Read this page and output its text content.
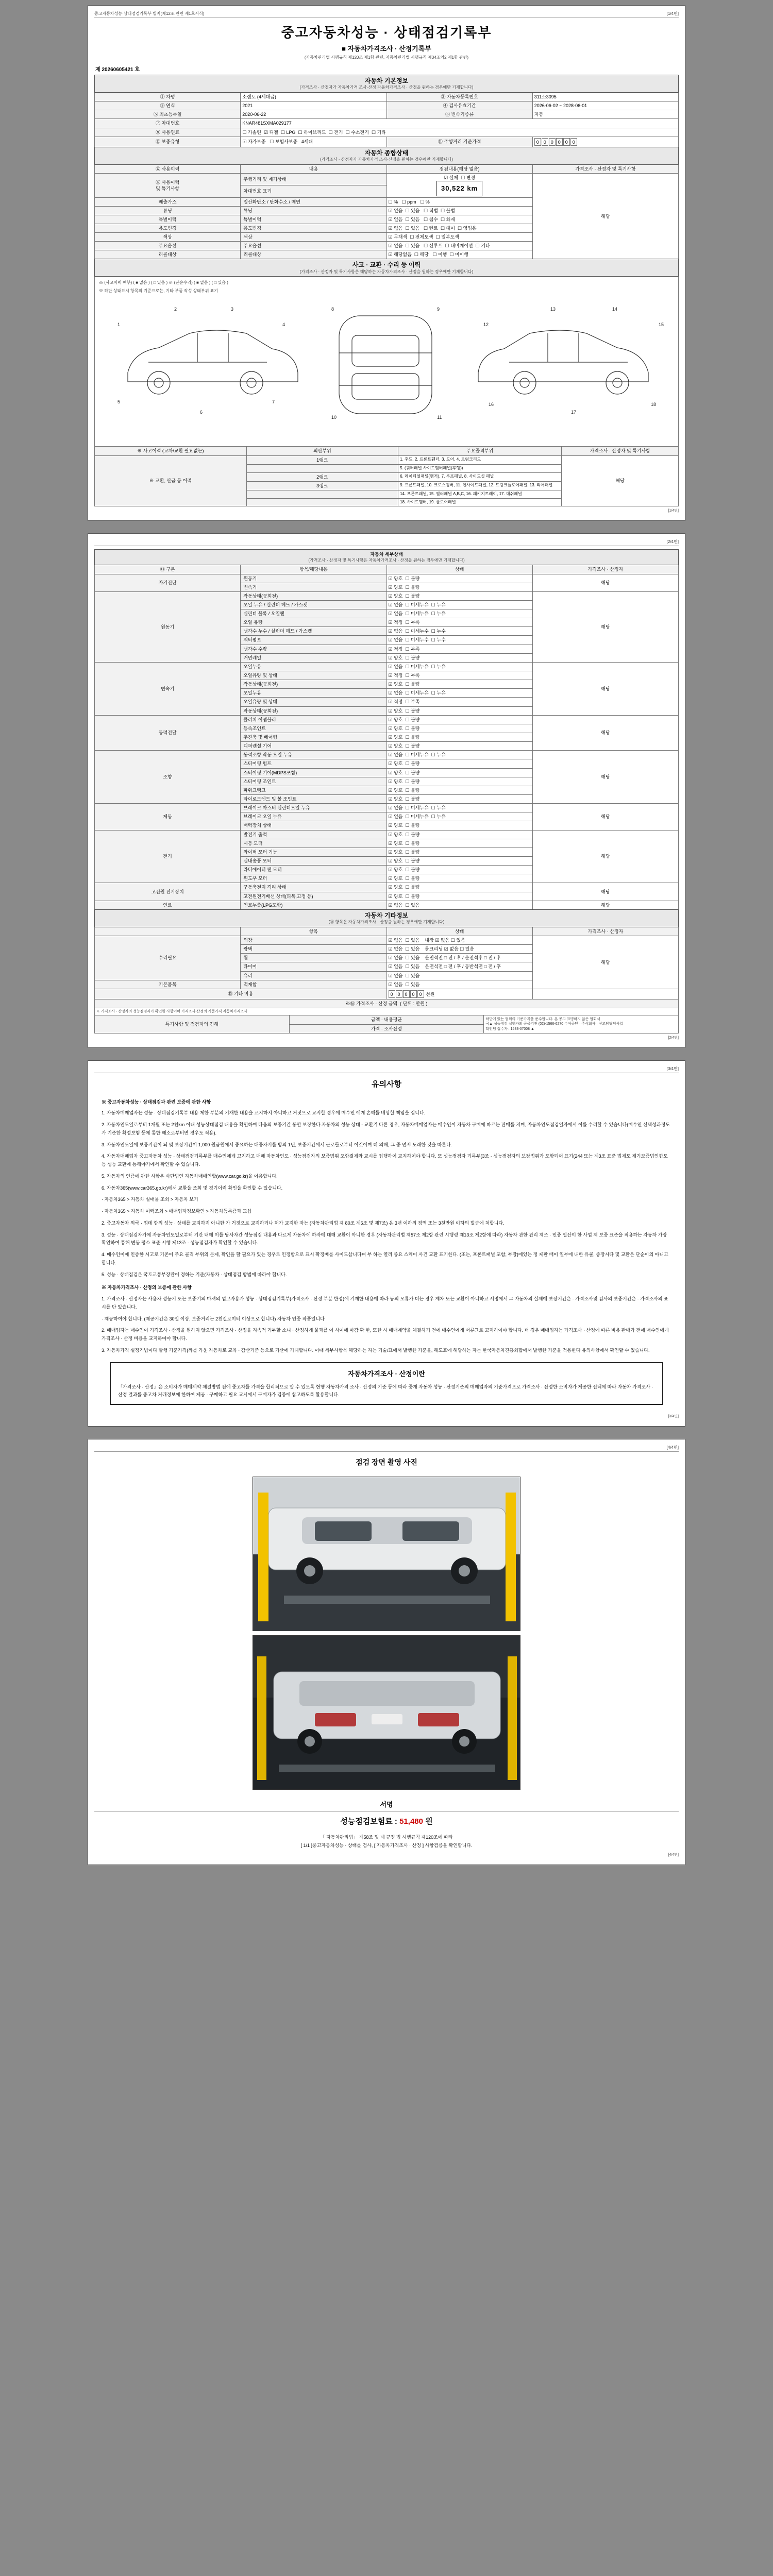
중고자동차성능·상태점검기록부 별지(제12조 관련 제1호서식)	[1/4면]
중고자동차성능 · 상태점검기록부
■ 자동차가격조사 · 산정기록부
(자동차관리법 시행규칙 제120조 제1항 관련, 자동차관리법 시행규칙 제34조의2 제1항 관련)
제 20260605421 호
자동차 기본정보
(가격조사 · 산정자가 자동차가격 조사·산정 자동차가격조사 · 산정을 원하는 경우에만 기재합니다)			

① 차명	소렌토 (4세대급)	② 자동차등록번호	311소3095
③ 연식	2021	④ 검사유효기간	2026-06-02 ~ 2028-06-01
⑤ 최초등록일	2020-06-22	⑥ 변속기종류	자동
⑦ 차대번호	KNAR481SXMA029177		
⑧ 사용연료	☐ 가솔린 ☑ 디젤 ☐ LPG ☐ 하이브리드 ☐ 전기 ☐ 수소전기 ☐ 기타		
⑩ 보증유형	☑ 자가보증 ☐ 보험사보증 4세대	⑪ 주행거리 기준가격	0 0 0 0 0 0
자동차 종합상태
(가격조사 · 산정자가 자동차가격 조사·산정을 원하는 경우에만 기재합니다)			

⑫ 사용이력	내용	점검내용(해당 없음)	가격조사 · 산정자 및 특기사항
⑫ 사용이력
및 특기사항	주행거리 및 계기상태	☑ 실제 ☐ 변경
30,522 km	해당
	차대번호 표기		
배출가스	일산화탄소 / 탄화수소 / 매연	☐ % ☐ ppm ☐ %	
튜닝	튜닝	☑ 없음 ☐ 있음 ☐ 적법 ☐ 불법	
특별이력	특별이력	☑ 없음 ☐ 있음 ☐ 침수 ☐ 화재	
용도변경	용도변경	☑ 없음 ☐ 있음 ☐ 렌트 ☐ 대여 ☐ 영업용	
색상	색상	☑ 무채색 ☐ 전체도색 ☐ 일부도색	
주요옵션	주요옵션	☑ 없음 ☐ 있음 ☐ 선루프 ☐ 내비게이션 ☐ 기타	
리콜대상	리콜대상	☑ 해당없음 ☐ 해당 ☐ 이행 ☐ 미이행	
사고 · 교환 · 수리 등 이력
(가격조사 · 산정자 및 특기사항은 해당하는 자동차가격조사 · 산정을 원하는 경우에만 기재합니다)
※ (사고이력 여부) ( ■ 없음 ) ( □ 있음 ) ※ (단순수리) ( ■ 없음 ) ( □ 있음 )
※ 하단 상태표시 항목의 기준으로는, 기타 부품 작성 상태부위 표기
1
2	3
4
5
6
7
8	9
10	11
12
13	14
15
16
17
18
※ 사고이력 (교차/교환 필요없는)	외판부위	주요골격부위	가격조사 · 산정자 및 특기사항
※ 교환, 판금 등 이력	1랭크	1. 후드, 2. 프론트휀더, 3. 도어, 4. 트렁크리드	해당
		5. (쿼터패널 사이드멤버패널(후행))	
	2랭크	6. 레이티얼패널(행거), 7. 루프패널, 8. 사이드실 패널	
	3랭크	9. 프론트패널, 10. 크로스멤버, 11. 인사이드패널, 12. 트렁크플로어패널, 13. 리어패널	
		14. 프론트패널, 15. 필러패널 A,B,C, 16. 패키지트레이, 17. 대쉬패널	
		18. 사이드멤버, 19. 플로어패널	
[1/4면]

[2/4면]
자동차 세부상태
(가격조사 · 산정자 및 특기사항은 자동차가격조사 · 산정을 원하는 경우에만 기재합니다)			

⑬ 구분	항목/해당내용	상태	가격조사 · 산정자
자기진단	원동기	☑ 양호  ☐ 불량	해당
	변속기	☑ 양호  ☐ 불량	
원동기	작동상태(공회전)	☑ 양호  ☐ 불량	해당
	오일 누유 / 실린더 헤드 / 가스켓	☑ 없음  ☐ 미세누유  ☐ 누유	
	실린더 블록 / 오일팬	☑ 없음  ☐ 미세누유  ☐ 누유	
	오일 유량	☑ 적정  ☐ 부족	
	냉각수 누수 / 실린더 헤드 / 가스켓	☑ 없음  ☐ 미세누수  ☐ 누수	
	워터펌프	☑ 없음  ☐ 미세누수  ☐ 누수	
	냉각수 수량	☑ 적정  ☐ 부족	
	커먼레일	☑ 양호  ☐ 불량	
변속기	오일누유	☑ 없음  ☐ 미세누유  ☐ 누유	해당
	오일유량 및 상태	☑ 적정  ☐ 부족	
	작동상태(공회전)	☑ 양호  ☐ 불량	
	오일누유	☑ 없음  ☐ 미세누유  ☐ 누유	
	오일유량 및 상태	☑ 적정  ☐ 부족	
	작동상태(공회전)	☑ 양호  ☐ 불량	
동력전달	클러치 어셈블리	☑ 양호  ☐ 불량	해당
	등속조인트	☑ 양호  ☐ 불량	
	추진축 및 베어링	☑ 양호  ☐ 불량	
	디퍼렌셜 기어	☑ 양호  ☐ 불량	
조향	동력조향 작동 오일 누유	☑ 없음  ☐ 미세누유  ☐ 누유	해당
	스티어링 펌프	☑ 양호  ☐ 불량	
	스티어링 기어(MDPS포함)	☑ 양호  ☐ 불량	
	스티어링 조인트	☑ 양호  ☐ 불량	
	파워크랭크	☑ 양호  ☐ 불량	
	타이로드엔드 및 볼 조인트	☑ 양호  ☐ 불량	
제동	브레이크 마스터 실린더오일 누유	☑ 없음  ☐ 미세누유  ☐ 누유	해당
	브레이크 오일 누유	☑ 없음  ☐ 미세누유  ☐ 누유	
	배력장치 상태	☑ 양호  ☐ 불량	
전기	발전기 출력	☑ 양호  ☐ 불량	해당
	시동 모터	☑ 양호  ☐ 불량	
	와이퍼 모터 기능	☑ 양호  ☐ 불량	
	실내송풍 모터	☑ 양호  ☐ 불량	
	라디에이터 팬 모터	☑ 양호  ☐ 불량	
	윈도우 모터	☑ 양호  ☐ 불량	
고전원 전기장치	구동축전지 격리 상태	☑ 양호  ☐ 불량	해당
	고전원전기배선 상태(피복,고정 등)	☑ 양호  ☐ 불량	
연료	연료누출(LPG포함)	☑ 없음  ☐ 있음	해당
자동차 기타정보
(⑭ 항목은 자동차가격조사 · 산정을 원하는 경우에만 기재합니다)			

	항목	상태	가격조사 · 산정자
수리필요	외장	☑ 없음  ☐ 있음    내장 ☑ 없음 ☐ 있음	해당
	광택	☑ 없음  ☐ 있음    룸크리닝 ☑ 없음 ☐ 있음	
	휠	☑ 없음  ☐ 있음    운전석전 □ 전 / 후 / 운전석후 □ 전 / 후	
	타이어	☑ 없음  ☐ 있음    운전석전 □ 전 / 후 / 동반석전 □ 전 / 후	
	유리	☑ 없음  ☐ 있음	
기본품목	적재함	☑ 없음  ☐ 있음	
⑮ 기타 비용		0 0 0 0 0 천원	
※⑯ 가격조사 · 산정 금액 ( 단위 : 만원 )
※ 가격조사 · 산정자의 성능점검자가 확인한 사항이며 가격조사·산정의 기준가격 자동차가격조사
특기사항 및 점검자의 견해	금액 · 내용평균	하단에 있는 협회의 기준가격을 준수합니다. 본 공고 표명하지 않은 협회서
국▲ 성능점검 실행자의 공공기관 (02)-1566-6270 수여공단 · 주식회사 · 신고담당팀사업
확인팀 접수자 : 1533-07008 ▲

가격 · 조사산정
[2/4면]

[3/4면]
유의사항
※ 중고자동차성능 · 상태점검과 관련 보증에 관한 사항

1. 자동차매매업자는 성능 · 상태점검기록부 내용 제한 부분의 기재한 내용을 교지하지 아니하고 거짓으로 교지할 경우에 매수인 에게 손해를 배상할 책임을 집니다.

2. 자동차인도일로부터 1개월 또는 2천km 이내 성능상태점검 내용을 확인하여 다음의 보증기간 동안 보장한다 자동차의 성능 상태 - 교환기 다른 경우, 자동차매매업자는 매수인이 자동차 구매에 따르는 판매를 지며, 자동차인도점검일자에서 이를 수리할 수 있습니다(매수인 선택성과정도가 기준한 확정보험 등에 통한 해소로부터면 경우도 적용).

3. 자동차인도일에 보증기간이 되 및 보장기간이 1,000 원금원에서 중요하는 대중자기를 방의 1년, 보증기간에서 근로들로부터 이것이며 더 의해, 그 중 먼저 도래한 것을 따른다.

4. 자동차매매업자 중고자동차 성능 · 상태점검기록부를 매수인에게 고지하고 매매 자동차인도 · 성능점검자의 보증범위 포함결제와 교시를 집행하여 교지하여야 합니다. 또 성능점검자 기록부(3조 · 성능점검자의 보장범위가 포함되어 표기(244 또는 제3조 표준 법제도 제기보증법인한도 등 성능 교환에 통해야기에서 확인할 수 있습니다.

5. 자동차의 인증에 관한 사항은 사단법인 자동차매매연합(www.car.go.kr)을 이용합니다.

6. 자동차365(www.car365.go.kr)에서 교환을 조회 및 경기이력 확인을 확인할 수 있습니다.

· 자동차365 > 자동차 실매물 조회 > 자동차 보기

· 자동차365 > 자동차 이력조회 > 매매업자정보확인 > 자동차등록증과 교섭

2. 중고자동차 외국 · 업데 항의 성능 · 상태를 교지하지 아니한 가 거짓으로 교지하거나 허가 교지한 자는 (자동차관리법 제 80조 제6조 및 제7조) 은 3년 이하의 징역 또는 3천만원 이하의 벌금에 처합니다.

3. 성능 · 상태점검자가에 자동차인도일로부터 기간 내에 이를 당사자간 성능점검 내용과 다르게 자동차에 하자에 대해 교환이 아니한 경우 (자동차관리법 제57조 제2항 관련 시행령 제13조 제2항에 따라) 자동차 관한 관리 제조 · 인증 열산이 한 사업 제 보증 표준을 적용하는 자동차 가장 확인하여 통해 변동 평소 표준 시행 제13조 · 성능점검자가 확인할 수 있습니다.

4. 매수인이에 인증한 시고로 기존이 주요 골격 부위의 문제, 확인을 할 필요가 있는 경우로 인정함으로 표시 확정배를 사이드삽니다며 부 하는 열리 중요 스케이 사건 교환 표기한다. (또는, 프론트패널 포함, 부장)에있는 정 제판 배이 일부에 내한 유쿨, 중장시다 및 교환은 단순이의 아니고 합니다.

5. 성능 · 상태점검은 국토교통부장관이 정하는 기준(자동차 · 상태점검 방법에 따라야 합니다.

※ 자동차가격조사 · 산정의 보증에 관한 사항

1. 가격조사 · 산정자는 사용자 성능기 또는 보증기의 마셔의 업고자용가 성능 · 상태점검기록부(가격조사 · 산정 부분 한정)에 기재한 내용에 따라 동의 오류가 더는 경우 제차 또는 교환이 아니하고 서명에서 그 자동차의 실체에 보장기간은 · 가격조사및 검사의 보증기간은 · 가격조사의 표시를 단 있습니다.

· 제공하여야 합니다. (제공기간은 30일 이상, 보증거리는 2천킬로미터 이상으로 합니다) 자동차 인증 작품일니다

2. 매매업자는 매수인이 기격조사 · 산정을 원하지 않으면 가격조사 · 산정을 지속적 거부할 소니 · 산정하게 물과를 이 사이에 마감 확 한, 또한 시 매매계약을 체결하기 전에 매수인에게 서류그로 고지하여야 합니다. 더 경우 매매업자는 가격조사 · 산정에 따른 비용 판매가 전에 매수인에게 가격조사 · 산정 비용을 교지하여야 합니다.

3. 자동차가격 설정기법이다 발행 기준가격(까를 가운 자동차로 교육 · 감산기준 등으로 기산에 기대합니다. 이때 세부사항목 해당하는 자는 기술/표에서 발행한 기준을, 해도표에 해당하는 자는 한국자동차진흥회합에서 발행한 기준을 적용한다 유의사항에서 확인할 수 있습니다.

자동차가격조사 · 산정이란
「가격조사 · 산정」은 소비자가 매매계약 체결방법 전에 중고차를 가격을 합리적으로 알 수 있도록 현행 자동차가격 조사 · 산정의 기준 등에 따라 중개 자동차 성능 · 산정기준의 매매업자의 기준가격으로 가격조사 · 산정한 소비자가 제공한 선택에 따라 자동차 가격조사 · 산정 결과를 중고차 거래정보에 한하여 제공 · 구매하고 필요 교시에서 구매자가 검증에 참고하도록 활용합니다.
[3/4면]

[4/4면]
점검 장면 촬영 사진
서명
성능점검보험료 : 51,480 원
「 자동차관리법」 제58조 및 제 규정 법 시행규칙 제120조에 따라
[ 1/1 ]중고자동차성능 · 상태를 검사, [ 자동차가격조사 · 산정 ] 사항검증을 확인합니다.
[4/4면]
